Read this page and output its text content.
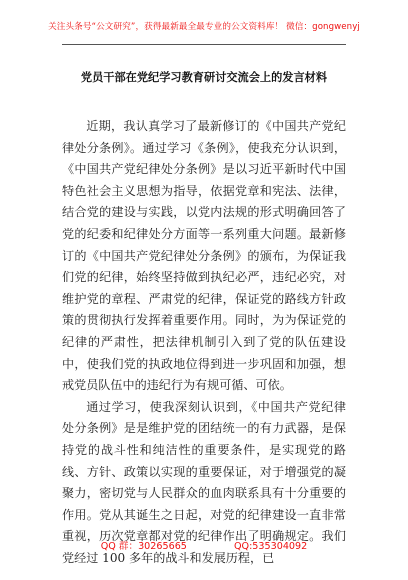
关注头条号“公文研究”，获得最新最全最专业的公文资料库！ 微信：gongwenyj
党员干部在党纪学习教育研讨交流会上的发言材料

近期，我认真学习了最新修订的《中国共产党纪律处分条例》。通过学习《条例》，使我充分认识到，《中国共产党纪律处分条例》是以习近平新时代中国特色社会主义思想为指导，依据党章和宪法、法律，结合党的建设与实践，以党内法规的形式明确回答了党的纪委和纪律处分方面等一系列重大问题。最新修订的《中国共产党纪律处分条例》的颁布，为保证我们党的纪律，始终坚持做到执纪必严，违纪必究，对维护党的章程、严肃党的纪律，保证党的路线方针政策的贯彻执行发挥着重要作用。同时，为为保证党的纪律的严肃性，把法律机制引入到了党的队伍建设中，使我们党的执政地位得到进一步巩固和加强，想戒党员队伍中的违纪行为有规可循、可依。

通过学习，使我深刻认识到，《中国共产党纪律处分条例》是是维护党的团结统一的有力武器，是保持党的战斗性和纯洁性的重要条件，是实现党的路线、方针、政策以实现的重要保证，对于增强党的凝聚力，密切党与人民群众的血肉联系具有十分重要的作用。党从其诞生之日起，对党的纪律建设一直非常重视，历次党章都对党的纪律作出了明确规定。我们党经过 100 多年的战斗和发展历程，已

QQ 群：30265665	QQ:535304092
